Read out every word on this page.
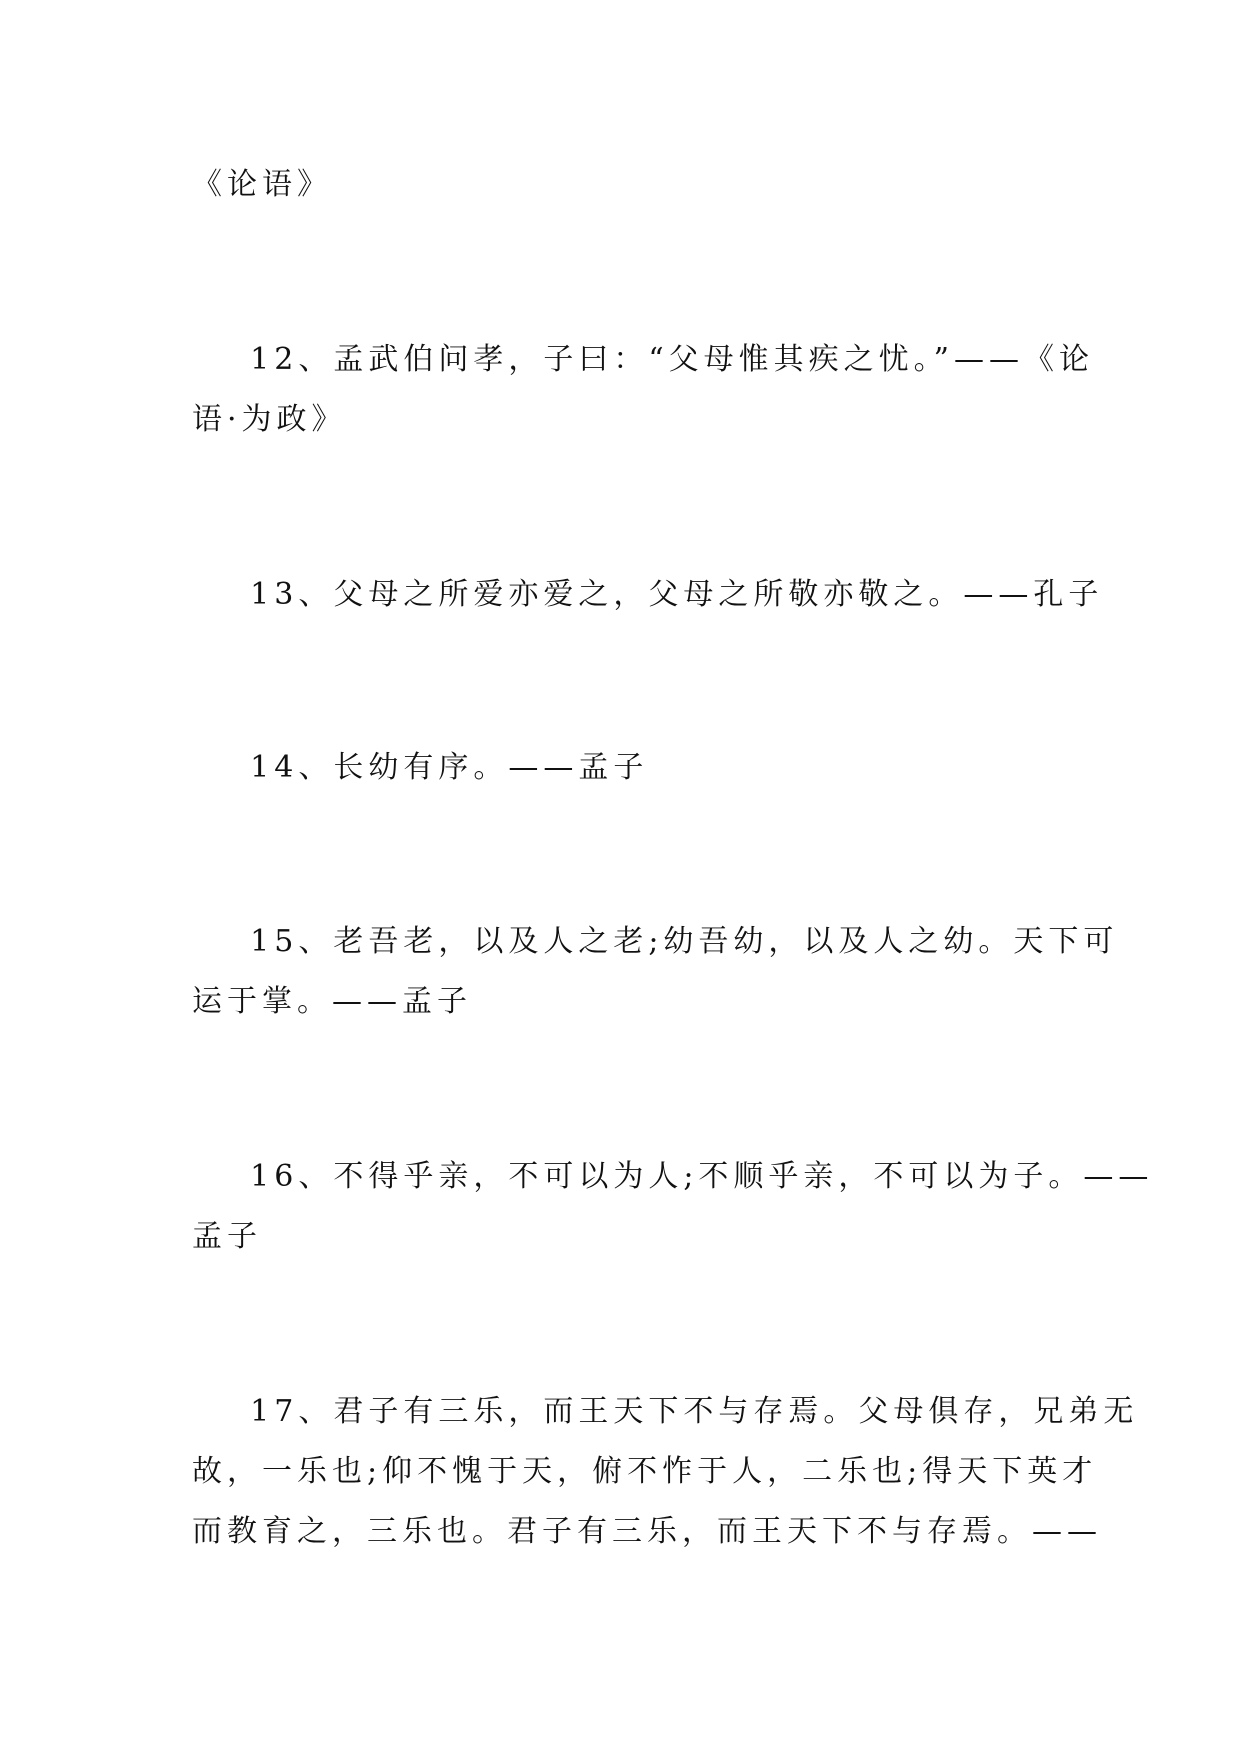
《论语》

12、孟武伯问孝，子曰：“父母惟其疾之忧。”——《论

语·为政》

13、父母之所爱亦爱之，父母之所敬亦敬之。——孔子

14、长幼有序。——孟子

15、老吾老，以及人之老;幼吾幼，以及人之幼。天下可

运于掌。——孟子

16、不得乎亲，不可以为人;不顺乎亲，不可以为子。——

孟子

17、君子有三乐，而王天下不与存焉。父母俱存，兄弟无

故，一乐也;仰不愧于天，俯不怍于人，二乐也;得天下英才

而教育之，三乐也。君子有三乐，而王天下不与存焉。——
